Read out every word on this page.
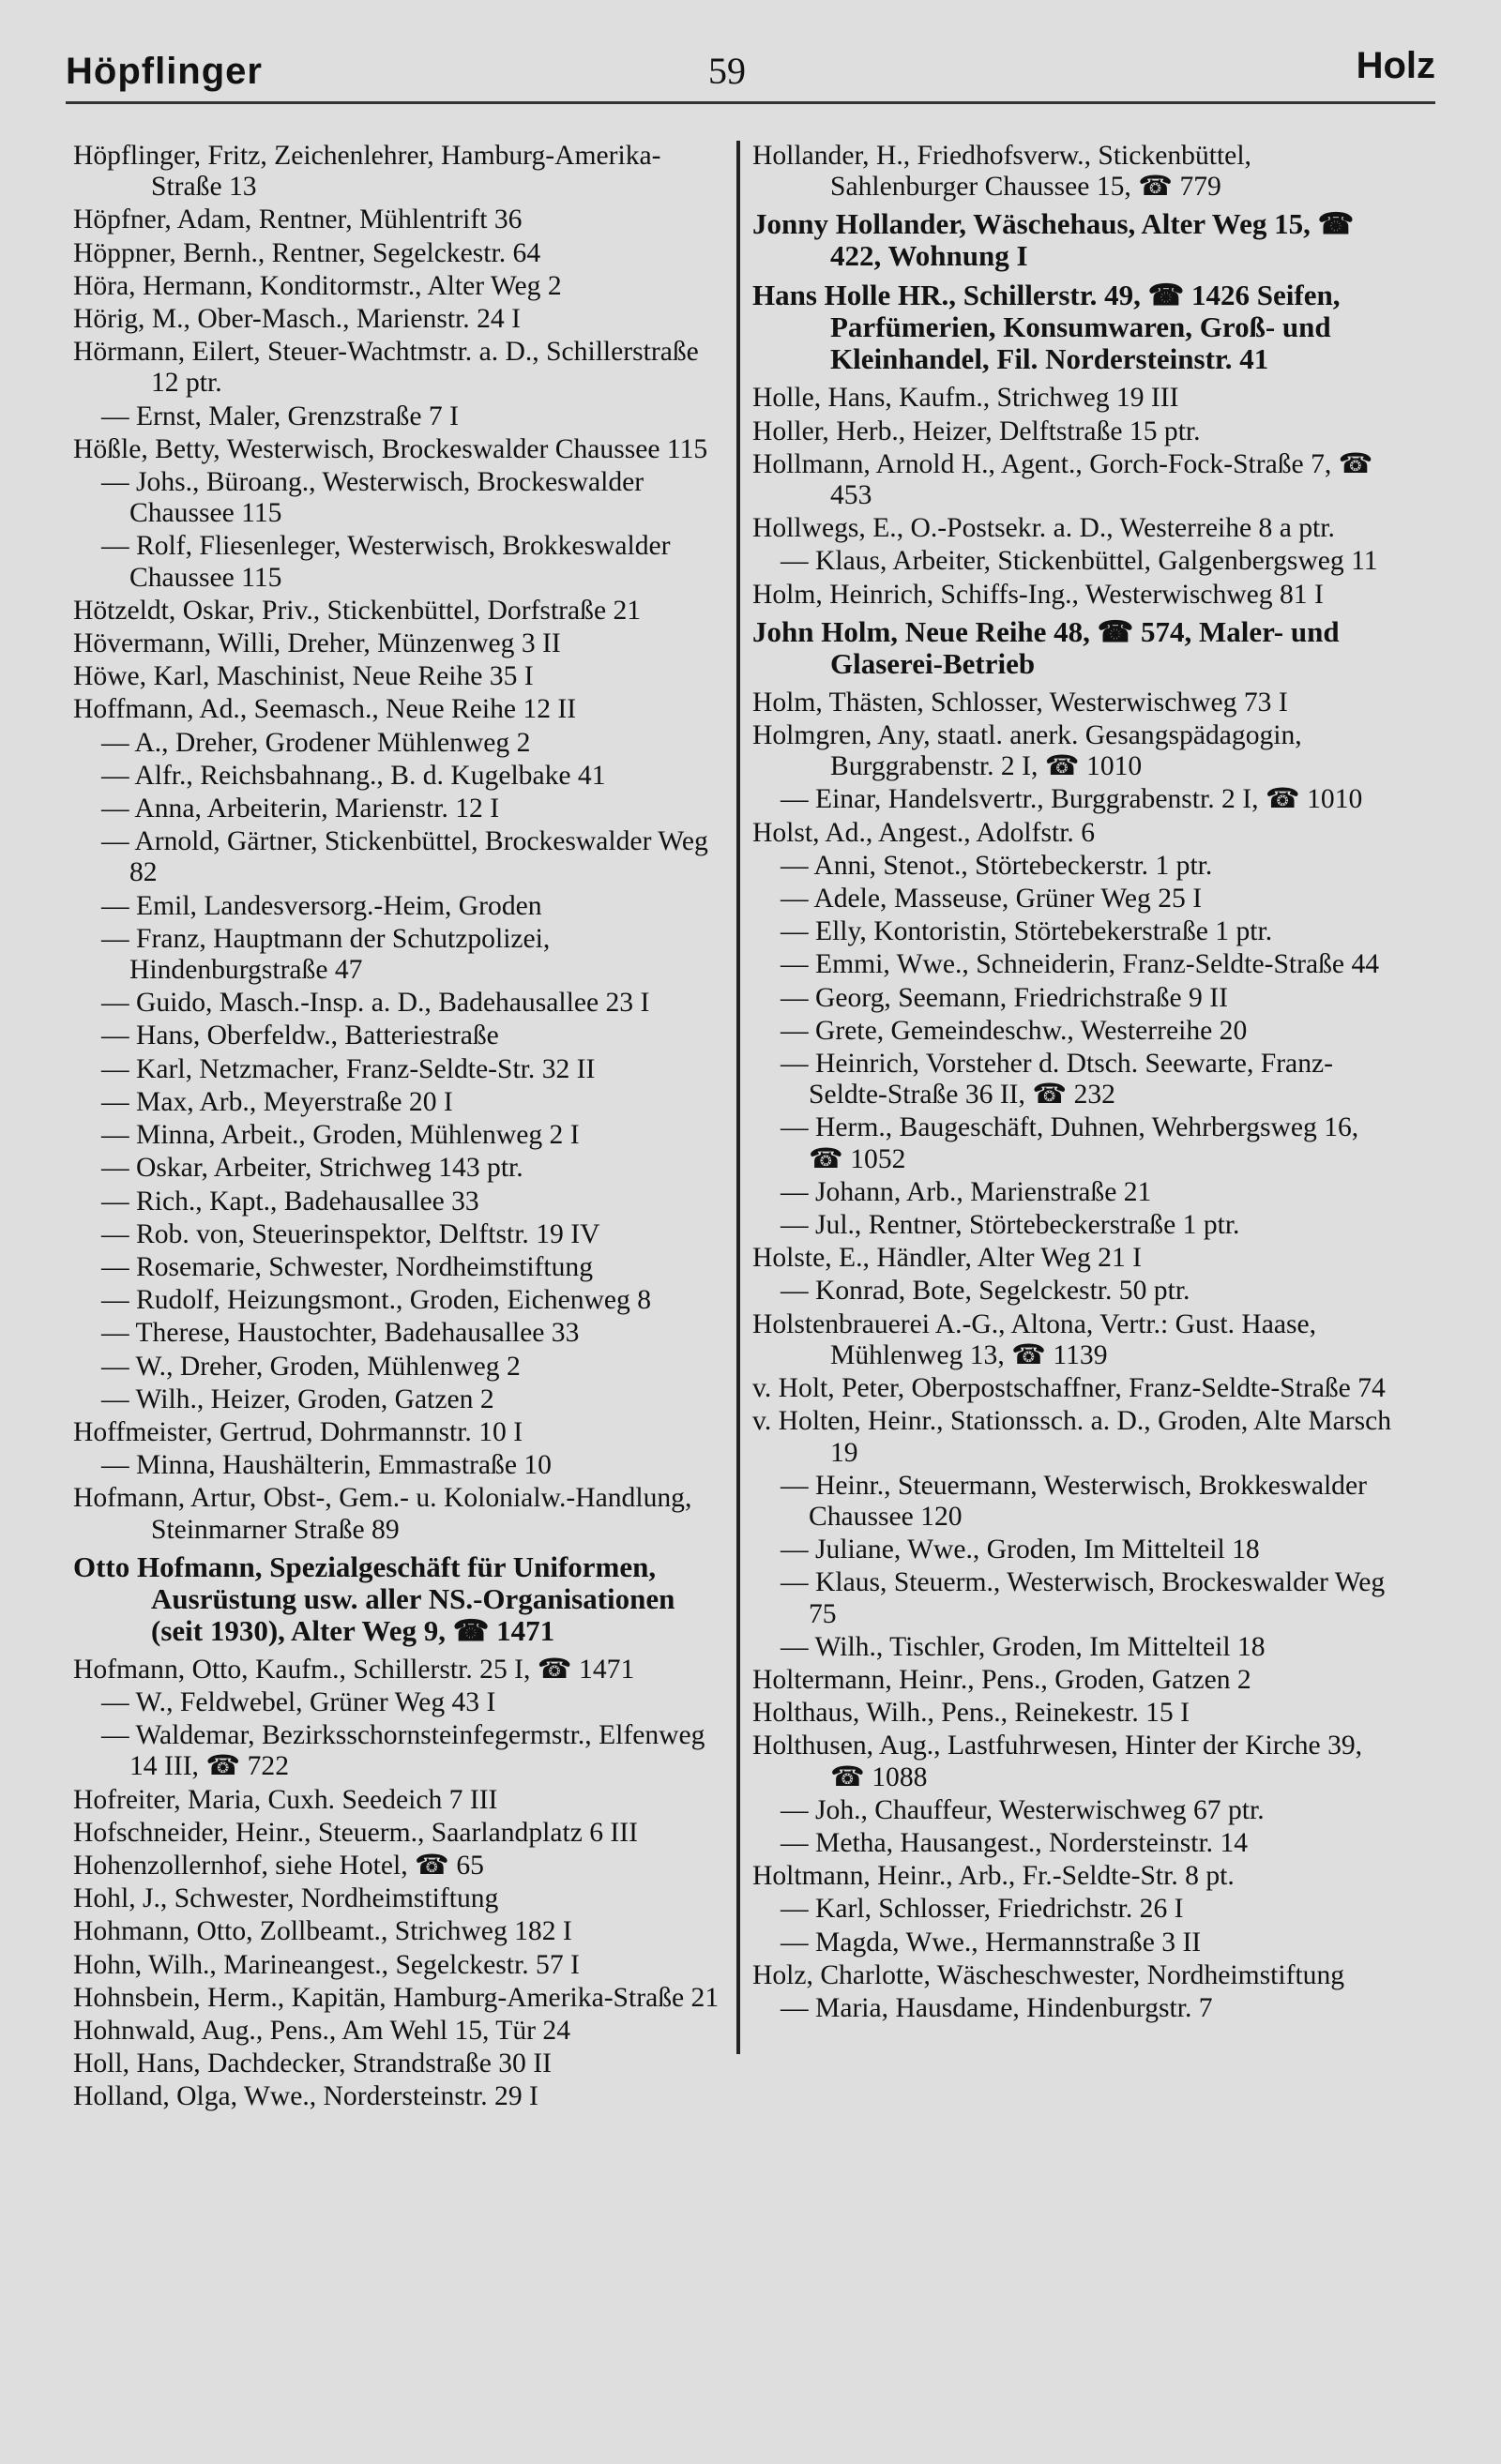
Höpflinger	59	Holz
Höpflinger, Fritz, Zeichenlehrer, Hamburg-Amerika-Straße 13
Höpfner, Adam, Rentner, Mühlentrift 36
Höppner, Bernh., Rentner, Segelckestr. 64
Höra, Hermann, Konditormstr., Alter Weg 2
Hörig, M., Ober-Masch., Marienstr. 24 I
Hörmann, Eilert, Steuer-Wachtmstr. a. D., Schillerstraße 12 ptr.
— Ernst, Maler, Grenzstraße 7 I
Hößle, Betty, Westerwisch, Brockeswalder Chaussee 115
— Johs., Büroang., Westerwisch, Brockeswalder Chaussee 115
— Rolf, Fliesenleger, Westerwisch, Brokkeswalder Chaussee 115
Hötzeldt, Oskar, Priv., Stickenbüttel, Dorfstraße 21
Hövermann, Willi, Dreher, Münzenweg 3 II
Höwe, Karl, Maschinist, Neue Reihe 35 I
Hoffmann, Ad., Seemasch., Neue Reihe 12 II
— A., Dreher, Grodener Mühlenweg 2
— Alfr., Reichsbahnang., B. d. Kugelbake 41
— Anna, Arbeiterin, Marienstr. 12 I
— Arnold, Gärtner, Stickenbüttel, Brockeswalder Weg 82
— Emil, Landesversorg.-Heim, Groden
— Franz, Hauptmann der Schutzpolizei, Hindenburgstraße 47
— Guido, Masch.-Insp. a. D., Badehausallee 23 I
— Hans, Oberfeldw., Batteriestraße
— Karl, Netzmacher, Franz-Seldte-Str. 32 II
— Max, Arb., Meyerstraße 20 I
— Minna, Arbeit., Groden, Mühlenweg 2 I
— Oskar, Arbeiter, Strichweg 143 ptr.
— Rich., Kapt., Badehausallee 33
— Rob. von, Steuerinspektor, Delftstr. 19 IV
— Rosemarie, Schwester, Nordheimstiftung
— Rudolf, Heizungsmont., Groden, Eichenweg 8
— Therese, Haustochter, Badehausallee 33
— W., Dreher, Groden, Mühlenweg 2
— Wilh., Heizer, Groden, Gatzen 2
Hoffmeister, Gertrud, Dohrmannstr. 10 I
— Minna, Haushälterin, Emmastraße 10
Hofmann, Artur, Obst-, Gem.- u. Kolonialw.-Handlung, Steinmarner Straße 89
Otto Hofmann, Spezialgeschäft für Uniformen, Ausrüstung usw. aller NS.-Organisationen (seit 1930), Alter Weg 9, ☎ 1471
Hofmann, Otto, Kaufm., Schillerstr. 25 I, ☎ 1471
— W., Feldwebel, Grüner Weg 43 I
— Waldemar, Bezirksschornsteinfegermstr., Elfenweg 14 III, ☎ 722
Hofreiter, Maria, Cuxh. Seedeich 7 III
Hofschneider, Heinr., Steuerm., Saarlandplatz 6 III
Hohenzollernhof, siehe Hotel, ☎ 65
Hohl, J., Schwester, Nordheimstiftung
Hohmann, Otto, Zollbeamt., Strichweg 182 I
Hohn, Wilh., Marineangest., Segelckestr. 57 I
Hohnsbein, Herm., Kapitän, Hamburg-Amerika-Straße 21
Hohnwald, Aug., Pens., Am Wehl 15, Tür 24
Holl, Hans, Dachdecker, Strandstraße 30 II
Holland, Olga, Wwe., Nordersteinstr. 29 I
Hollander, H., Friedhofsverw., Stickenbüttel, Sahlenburger Chaussee 15, ☎ 779
Jonny Hollander, Wäschehaus, Alter Weg 15, ☎ 422, Wohnung I
Hans Holle HR., Schillerstr. 49, ☎ 1426 Seifen, Parfümerien, Konsumwaren, Groß- und Kleinhandel, Fil. Nordersteinstr. 41
Holle, Hans, Kaufm., Strichweg 19 III
Holler, Herb., Heizer, Delftstraße 15 ptr.
Hollmann, Arnold H., Agent., Gorch-Fock-Straße 7, ☎ 453
Hollwegs, E., O.-Postsekr. a. D., Westerreihe 8 a ptr.
— Klaus, Arbeiter, Stickenbüttel, Galgenbergsweg 11
Holm, Heinrich, Schiffs-Ing., Westerwischweg 81 I
John Holm, Neue Reihe 48, ☎ 574, Maler- und Glaserei-Betrieb
Holm, Thästen, Schlosser, Westerwischweg 73 I
Holmgren, Any, staatl. anerk. Gesangspädagogin, Burggrabenstr. 2 I, ☎ 1010
— Einar, Handelsvertr., Burggrabenstr. 2 I, ☎ 1010
Holst, Ad., Angest., Adolfstr. 6
— Anni, Stenot., Störtebeckerstr. 1 ptr.
— Adele, Masseuse, Grüner Weg 25 I
— Elly, Kontoristin, Störtebekerstraße 1 ptr.
— Emmi, Wwe., Schneiderin, Franz-Seldte-Straße 44
— Georg, Seemann, Friedrichstraße 9 II
— Grete, Gemeindeschw., Westerreihe 20
— Heinrich, Vorsteher d. Dtsch. Seewarte, Franz-Seldte-Straße 36 II, ☎ 232
— Herm., Baugeschäft, Duhnen, Wehrbergsweg 16, ☎ 1052
— Johann, Arb., Marienstraße 21
— Jul., Rentner, Störtebeckerstraße 1 ptr.
Holste, E., Händler, Alter Weg 21 I
— Konrad, Bote, Segelckestr. 50 ptr.
Holstenbrauerei A.-G., Altona, Vertr.: Gust. Haase, Mühlenweg 13, ☎ 1139
v. Holt, Peter, Oberpostschaffner, Franz-Seldte-Straße 74
v. Holten, Heinr., Stationssch. a. D., Groden, Alte Marsch 19
— Heinr., Steuermann, Westerwisch, Brokkeswalder Chaussee 120
— Juliane, Wwe., Groden, Im Mittelteil 18
— Klaus, Steuerm., Westerwisch, Brockeswalder Weg 75
— Wilh., Tischler, Groden, Im Mittelteil 18
Holtermann, Heinr., Pens., Groden, Gatzen 2
Holthaus, Wilh., Pens., Reinekestr. 15 I
Holthusen, Aug., Lastfuhrwesen, Hinter der Kirche 39, ☎ 1088
— Joh., Chauffeur, Westerwischweg 67 ptr.
— Metha, Hausangest., Nordersteinstr. 14
Holtmann, Heinr., Arb., Fr.-Seldte-Str. 8 pt.
— Karl, Schlosser, Friedrichstr. 26 I
— Magda, Wwe., Hermannstraße 3 II
Holz, Charlotte, Wäscheschwester, Nordheimstiftung
— Maria, Hausdame, Hindenburgstr. 7
